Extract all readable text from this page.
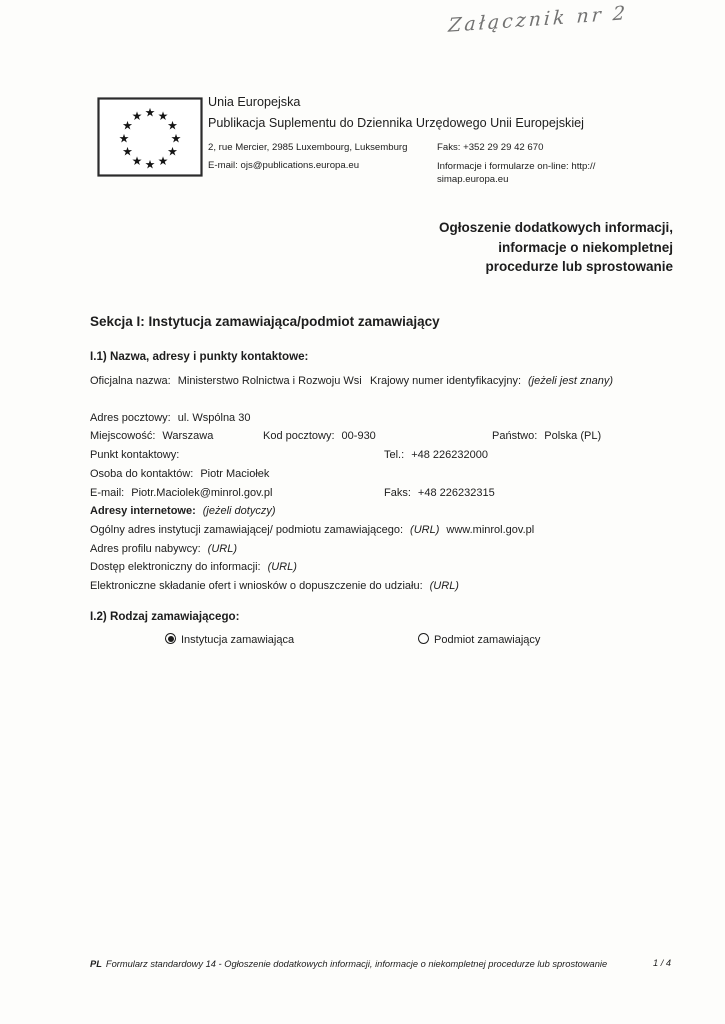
Załącznik nr 2
★ ★
★
★
★
★
★
★
★
★
★
★
Unia Europejska
Publikacja Suplementu do Dziennika Urzędowego Unii Europejskiej
2, rue Mercier, 2985 Luxembourg, Luksemburg
E-mail: ojs@publications.europa.eu
Faks: +352 29 29 42 670
Informacje i formularze on-line: http://
simap.europa.eu
Ogłoszenie dodatkowych informacji, informacje o niekompletnej procedurze lub sprostowanie
Sekcja I: Instytucja zamawiająca/podmiot zamawiający
I.1) Nazwa, adresy i punkty kontaktowe:
Oficjalna nazwa: Ministerstwo Rolnictwa i Rozwoju Wsi Krajowy numer identyfikacyjny: (jeżeli jest znany)
Adres pocztowy: ul. Wspólna 30
Miejscowość: Warszawa	Kod pocztowy: 00-930	Państwo: Polska (PL)
Punkt kontaktowy:	Tel.: +48 226232000
Osoba do kontaktów: Piotr Maciołek
E-mail: Piotr.Maciolek@minrol.gov.pl	Faks: +48 226232315
Adresy internetowe: (jeżeli dotyczy)
Ogólny adres instytucji zamawiającej/ podmiotu zamawiającego: (URL) www.minrol.gov.pl
Adres profilu nabywcy: (URL)
Dostęp elektroniczny do informacji: (URL)
Elektroniczne składanie ofert i wniosków o dopuszczenie do udziału: (URL)
I.2) Rodzaj zamawiającego:
Instytucja zamawiająca	Podmiot zamawiający
PL Formularz standardowy 14 - Ogłoszenie dodatkowych informacji, informacje o niekompletnej procedurze lub sprostowanie	1 / 4
